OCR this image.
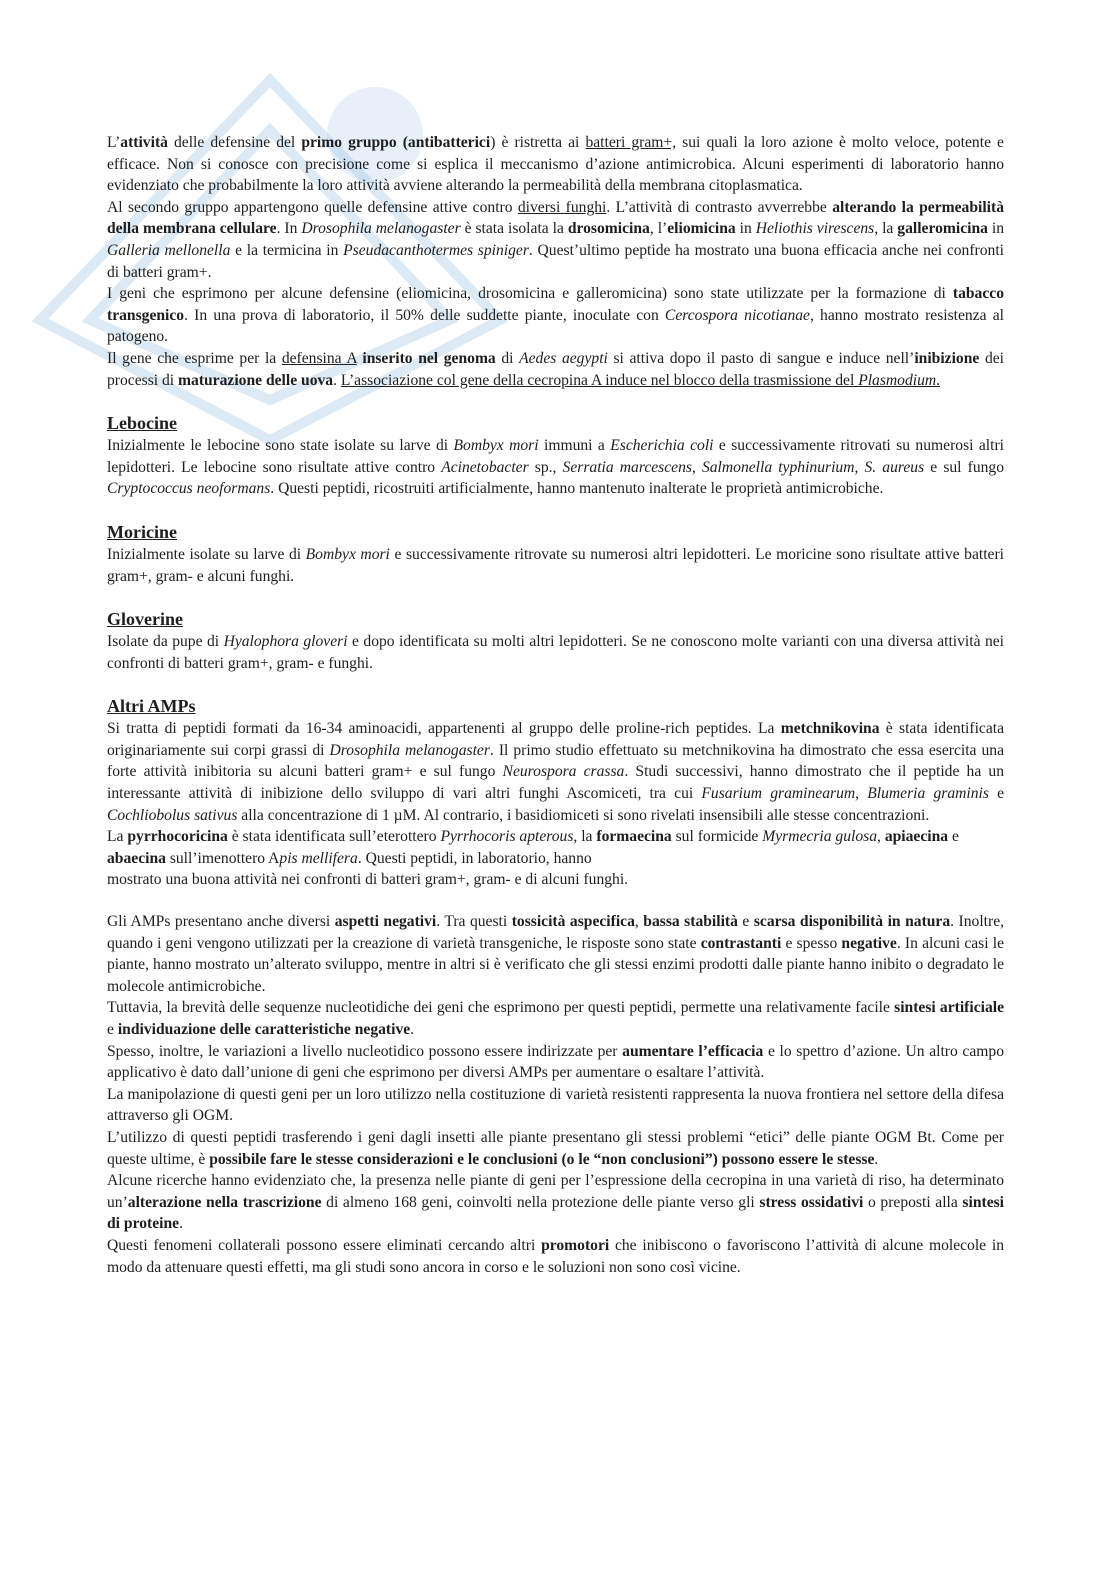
L’attività delle defensine del primo gruppo (antibatterici) è ristretta ai batteri gram+, sui quali la loro azione è molto veloce, potente e efficace. Non si conosce con precisione come si esplica il meccanismo d’azione antimicrobica. Alcuni esperimenti di laboratorio hanno evidenziato che probabilmente la loro attività avviene alterando la permeabilità della membrana citoplasmatica.

Al secondo gruppo appartengono quelle defensine attive contro diversi funghi. L’attività di contrasto avverrebbe alterando la permeabilità della membrana cellulare. In Drosophila melanogaster è stata isolata la drosomicina, l’eliomicina in Heliothis virescens, la galleromicina in Galleria mellonella e la termicina in Pseudacanthotermes spiniger. Quest’ultimo peptide ha mostrato una buona efficacia anche nei confronti di batteri gram+.

I geni che esprimono per alcune defensine (eliomicina, drosomicina e galleromicina) sono state utilizzate per la formazione di tabacco transgenico. In una prova di laboratorio, il 50% delle suddette piante, inoculate con Cercospora nicotianae, hanno mostrato resistenza al patogeno.

Il gene che esprime per la defensina A inserito nel genoma di Aedes aegypti si attiva dopo il pasto di sangue e induce nell’inibizione dei processi di maturazione delle uova. L’associazione col gene della cecropina A induce nel blocco della trasmissione del Plasmodium.

Lebocine

Inizialmente le lebocine sono state isolate su larve di Bombyx mori immuni a Escherichia coli e successivamente ritrovati su numerosi altri lepidotteri. Le lebocine sono risultate attive contro Acinetobacter sp., Serratia marcescens, Salmonella typhinurium, S. aureus e sul fungo Cryptococcus neoformans. Questi peptidi, ricostruiti artificialmente, hanno mantenuto inalterate le proprietà antimicrobiche.

Moricine

Inizialmente isolate su larve di Bombyx mori e successivamente ritrovate su numerosi altri lepidotteri. Le moricine sono risultate attive batteri gram+, gram- e alcuni funghi.

Gloverine

Isolate da pupe di Hyalophora gloveri e dopo identificata su molti altri lepidotteri. Se ne conoscono molte varianti con una diversa attività nei confronti di batteri gram+, gram- e funghi.

Altri AMPs

Si tratta di peptidi formati da 16-34 aminoacidi, appartenenti al gruppo delle proline-rich peptides. La metchnikovina è stata identificata originariamente sui corpi grassi di Drosophila melanogaster. Il primo studio effettuato su metchnikovina ha dimostrato che essa esercita una forte attività inibitoria su alcuni batteri gram+ e sul fungo Neurospora crassa. Studi successivi, hanno dimostrato che il peptide ha un interessante attività di inibizione dello sviluppo di vari altri funghi Ascomiceti, tra cui Fusarium graminearum, Blumeria graminis e Cochliobolus sativus alla concentrazione di 1 µM. Al contrario, i basidiomiceti si sono rivelati insensibili alle stesse concentrazioni.

La pyrrhocoricina è stata identificata sull’eterottero Pyrrhocoris apterous, la formaecina sul formicide Myrmecria gulosa, apiaecina e abaecina sull’imenottero Apis mellifera. Questi peptidi, in laboratorio, hanno

mostrato una buona attività nei confronti di batteri gram+, gram- e di alcuni funghi.

Gli AMPs presentano anche diversi aspetti negativi. Tra questi tossicità aspecifica, bassa stabilità e scarsa disponibilità in natura. Inoltre, quando i geni vengono utilizzati per la creazione di varietà transgeniche, le risposte sono state contrastanti e spesso negative. In alcuni casi le piante, hanno mostrato un’alterato sviluppo, mentre in altri si è verificato che gli stessi enzimi prodotti dalle piante hanno inibito o degradato le molecole antimicrobiche.

Tuttavia, la brevità delle sequenze nucleotidiche dei geni che esprimono per questi peptidi, permette una relativamente facile sintesi artificiale e individuazione delle caratteristiche negative.

Spesso, inoltre, le variazioni a livello nucleotidico possono essere indirizzate per aumentare l’efficacia e lo spettro d’azione. Un altro campo applicativo è dato dall’unione di geni che esprimono per diversi AMPs per aumentare o esaltare l’attività.

La manipolazione di questi geni per un loro utilizzo nella costituzione di varietà resistenti rappresenta la nuova frontiera nel settore della difesa attraverso gli OGM.

L’utilizzo di questi peptidi trasferendo i geni dagli insetti alle piante presentano gli stessi problemi “etici” delle piante OGM Bt. Come per queste ultime, è possibile fare le stesse considerazioni e le conclusioni (o le “non conclusioni”) possono essere le stesse.

Alcune ricerche hanno evidenziato che, la presenza nelle piante di geni per l’espressione della cecropina in una varietà di riso, ha determinato un’alterazione nella trascrizione di almeno 168 geni, coinvolti nella protezione delle piante verso gli stress ossidativi o preposti alla sintesi di proteine.

Questi fenomeni collaterali possono essere eliminati cercando altri promotori che inibiscono o favoriscono l’attività di alcune molecole in modo da attenuare questi effetti, ma gli studi sono ancora in corso e le soluzioni non sono così vicine.
